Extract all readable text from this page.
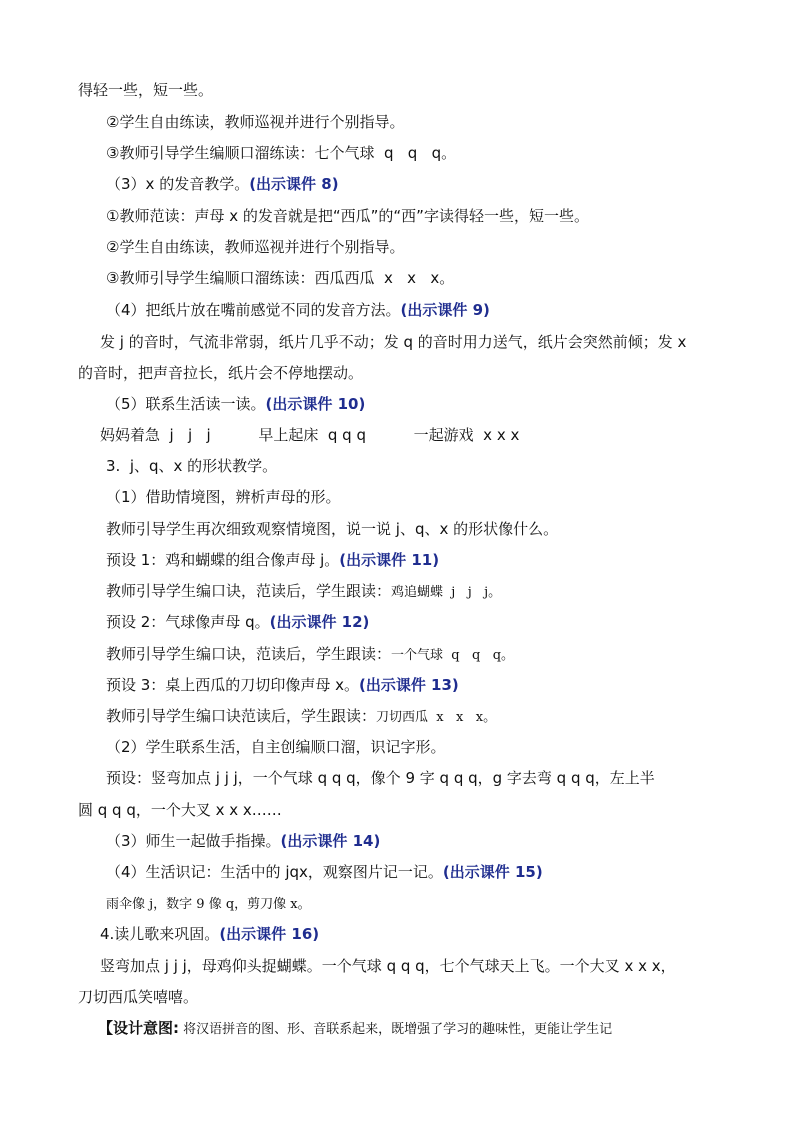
得轻一些，短一些。
②学生自由练读，教师巡视并进行个别指导。
③教师引导学生编顺口溜练读：七个气球  q   q   q。
（3）x 的发音教学。(出示课件 8)
①教师范读：声母 x 的发音就是把“西瓜”的“西”字读得轻一些，短一些。
②学生自由练读，教师巡视并进行个别指导。
③教师引导学生编顺口溜练读：西瓜西瓜  x   x   x。
（4）把纸片放在嘴前感觉不同的发音方法。(出示课件 9)
发 j 的音时，气流非常弱，纸片几乎不动；发 q 的音时用力送气，纸片会突然前倾；发 x
的音时，把声音拉长，纸片会不停地摆动。
（5）联系生活读一读。(出示课件 10)
妈妈着急  j   j   j          早上起床  q q q          一起游戏  x x x
3.  j、q、x 的形状教学。
（1）借助情境图，辨析声母的形。
教师引导学生再次细致观察情境图，说一说 j、q、x 的形状像什么。
预设 1：鸡和蝴蝶的组合像声母 j。(出示课件 11)
教师引导学生编口诀，范读后，学生跟读：鸡追蝴蝶  j   j   j。
预设 2：气球像声母 q。(出示课件 12)
教师引导学生编口诀，范读后，学生跟读：一个气球  q   q   q。
预设 3：桌上西瓜的刀切印像声母 x。(出示课件 13)
教师引导学生编口诀范读后，学生跟读：刀切西瓜  x   x   x。
（2）学生联系生活，自主创编顺口溜，识记字形。
预设：竖弯加点 j j j，一个气球 q q q，像个 9 字 q q q，g 字去弯 q q q，左上半
圆 q q q，一个大叉 x x x……
（3）师生一起做手指操。(出示课件 14)
（4）生活识记：生活中的 jqx，观察图片记一记。(出示课件 15)
雨伞像 j，数字 9 像 q，剪刀像 x。
4.读儿歌来巩固。(出示课件 16)
竖弯加点 j j j，母鸡仰头捉蝴蝶。一个气球 q q q，七个气球天上飞。一个大叉 x x x，
刀切西瓜笑嘻嘻。
【设计意图: 将汉语拼音的图、形、音联系起来，既增强了学习的趣味性，更能让学生记
